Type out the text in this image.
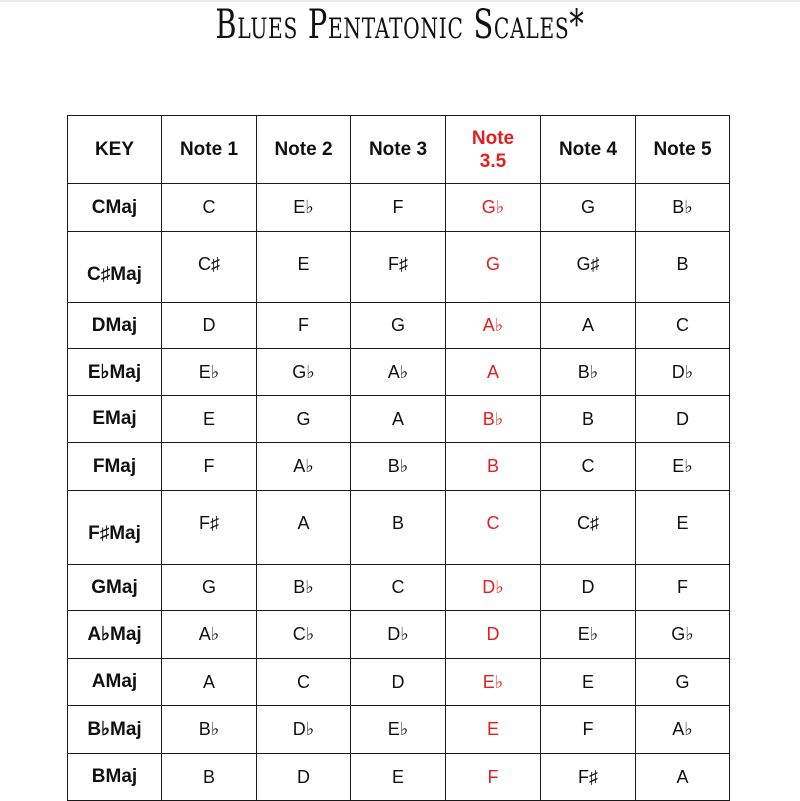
Blues Pentatonic Scales*
KEY	Note 1	Note 2	Note 3	Note 3.5	Note 4	Note 5
CMaj	C	E♭	F	G♭	G	B♭

C♯Maj	C♯	E	F♯	G	G♯	B

DMaj	D	F	G	A♭	A	C
E♭Maj	E♭	G♭	A♭	A	B♭	D♭
EMaj	E	G	A	B♭	B	D
FMaj	F	A♭	B♭	B	C	E♭

F♯Maj	F♯	A	B	C	C♯	E

GMaj	G	B♭	C	D♭	D	F
A♭Maj	A♭	C♭	D♭	D	E♭	G♭
AMaj	A	C	D	E♭	E	G
B♭Maj	B♭	D♭	E♭	E	F	A♭
BMaj	B	D	E	F	F♯	A
